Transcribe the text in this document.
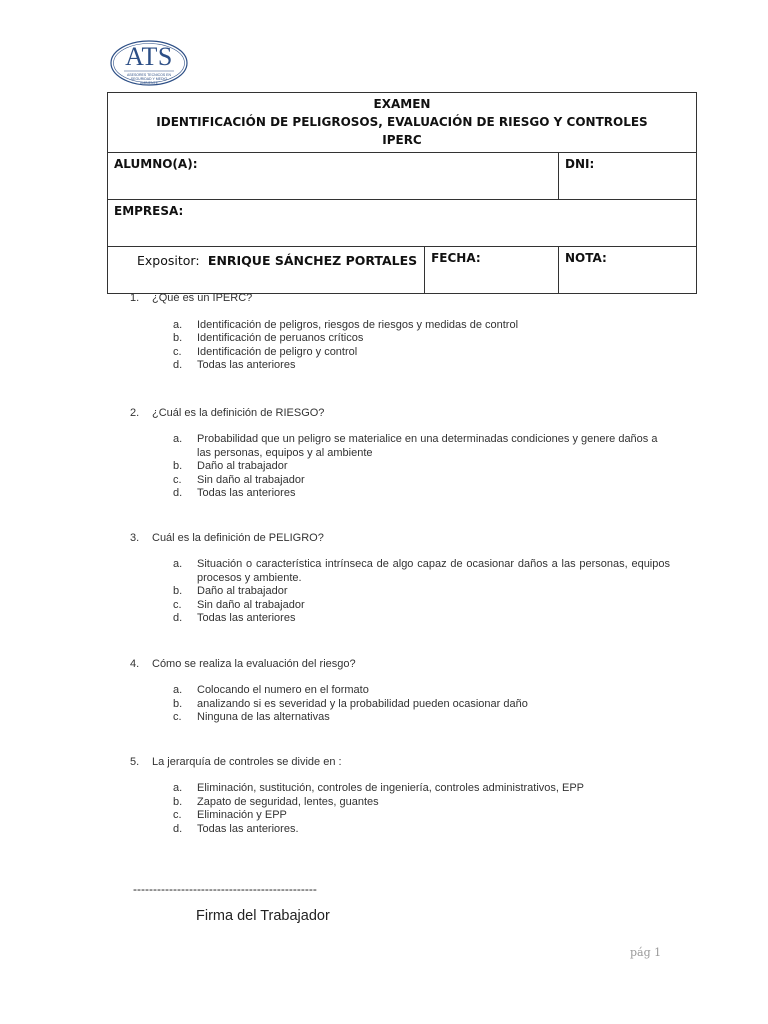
ATS
ASESORES TECNICOS EN SEGURIDAD Y MEDIO AMBIENTE
EXAMEN
IDENTIFICACIÓN DE PELIGROSOS, EVALUACIÓN DE RIESGO Y CONTROLES
IPERC		

ALUMNO(A):		DNI:
EMPRESA:		
Expositor: ENRIQUE SÁNCHEZ PORTALES	FECHA:	NOTA:

1. ¿Qué es un IPERC?

a.	Identificación de peligros, riesgos de riesgos y medidas de control
b.	Identificación de peruanos críticos
c.	Identificación de peligro y control
d.	Todas las anteriores

2. ¿Cuál es la definición de RIESGO?

a.	Probabilidad que un peligro se materialice en una determinadas condiciones y genere daños a las personas, equipos y al ambiente
b.	Daño al trabajador
c.	Sin daño al trabajador
d.	Todas las anteriores

3. Cuál es la definición de PELIGRO?

a.	Situación o característica intrínseca de algo capaz de ocasionar daños a las personas, equipos procesos y ambiente.
b.	Daño al trabajador
c.	Sin daño al trabajador
d.	Todas las anteriores

4. Cómo se realiza la evaluación del riesgo?

a.	Colocando el numero en el formato
b.	analizando si es severidad y la probabilidad pueden ocasionar daño
c.	Ninguna de las alternativas

5. La jerarquía de controles se divide en :

a.	Eliminación, sustitución, controles de ingeniería, controles administrativos, EPP
b.	Zapato de seguridad, lentes, guantes
c.	Eliminación y EPP
d.	Todas las anteriores.
----------------------------------------------
Firma del Trabajador
pág 1
